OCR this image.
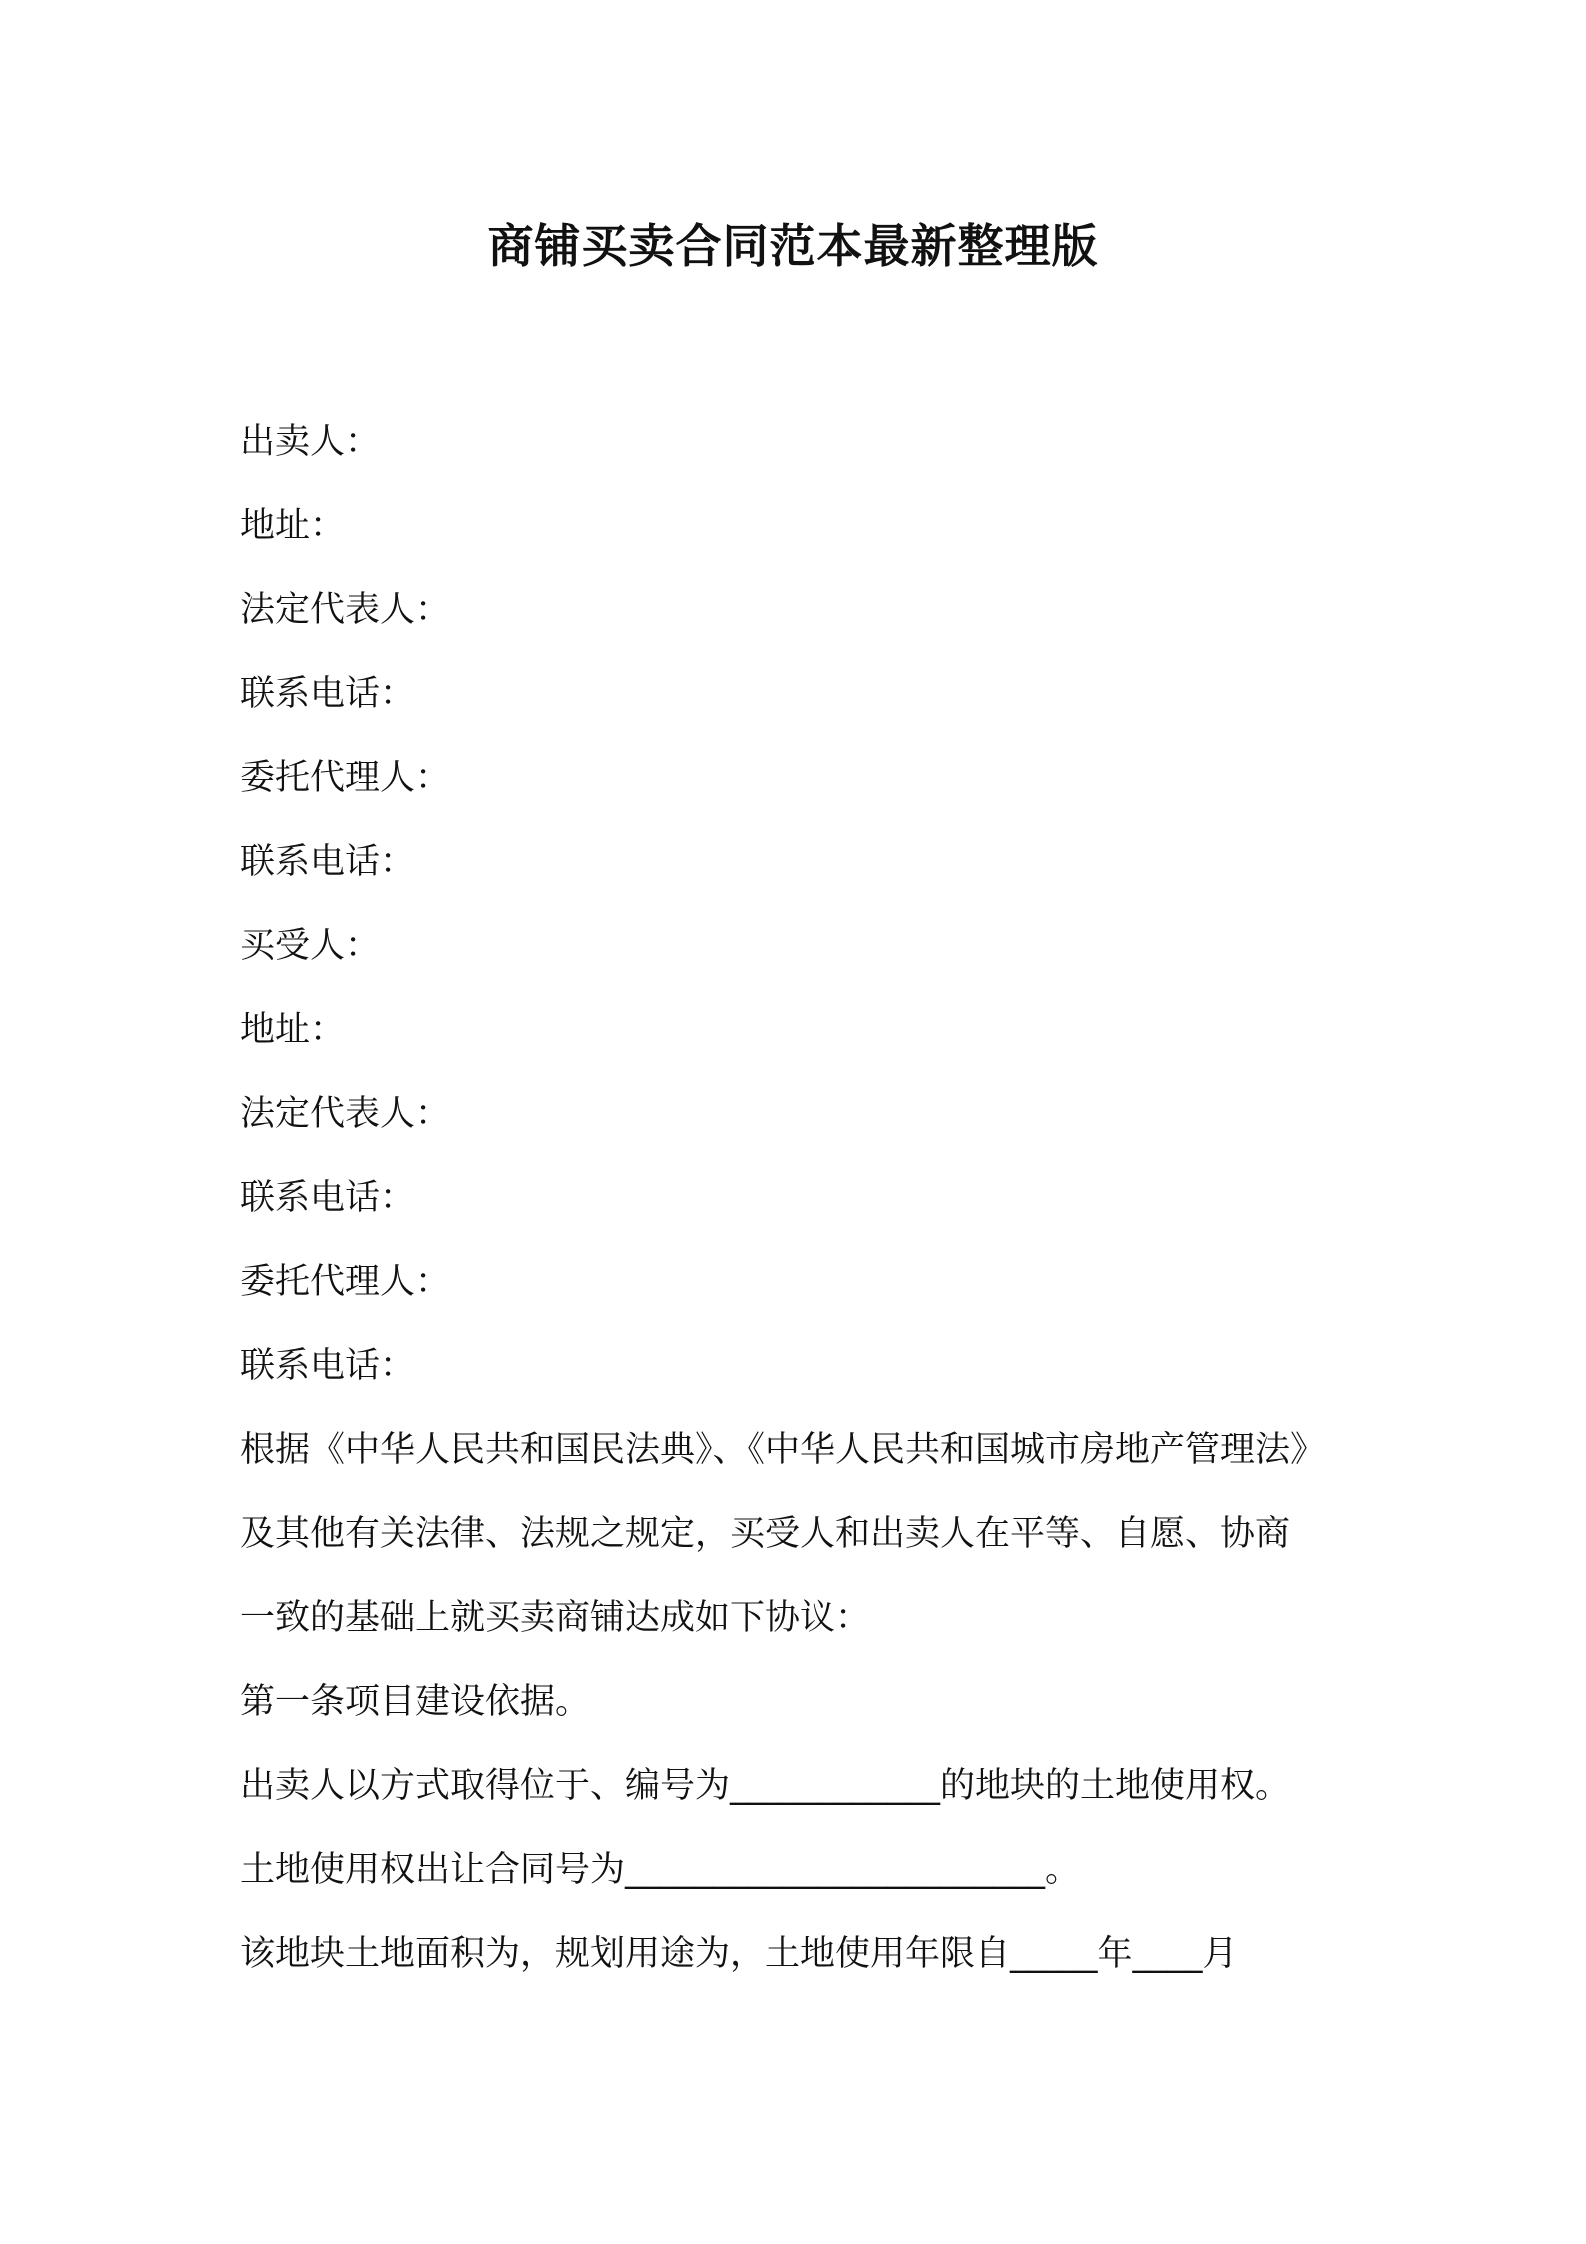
商铺买卖合同范本最新整理版
出卖人：
地址：
法定代表人：
联系电话：
委托代理人：
联系电话：
买受人：
地址：
法定代表人：
联系电话：
委托代理人：
联系电话：
根据《中华人民共和国民法典》、《中华人民共和国城市房地产管理法》
及其他有关法律、法规之规定，买受人和出卖人在平等、自愿、协商
一致的基础上就买卖商铺达成如下协议：
第一条项目建设依据。
出卖人以方式取得位于、编号为____________的地块的土地使用权。
土地使用权出让合同号为________________________。
该地块土地面积为，规划用途为，土地使用年限自_____年____月
